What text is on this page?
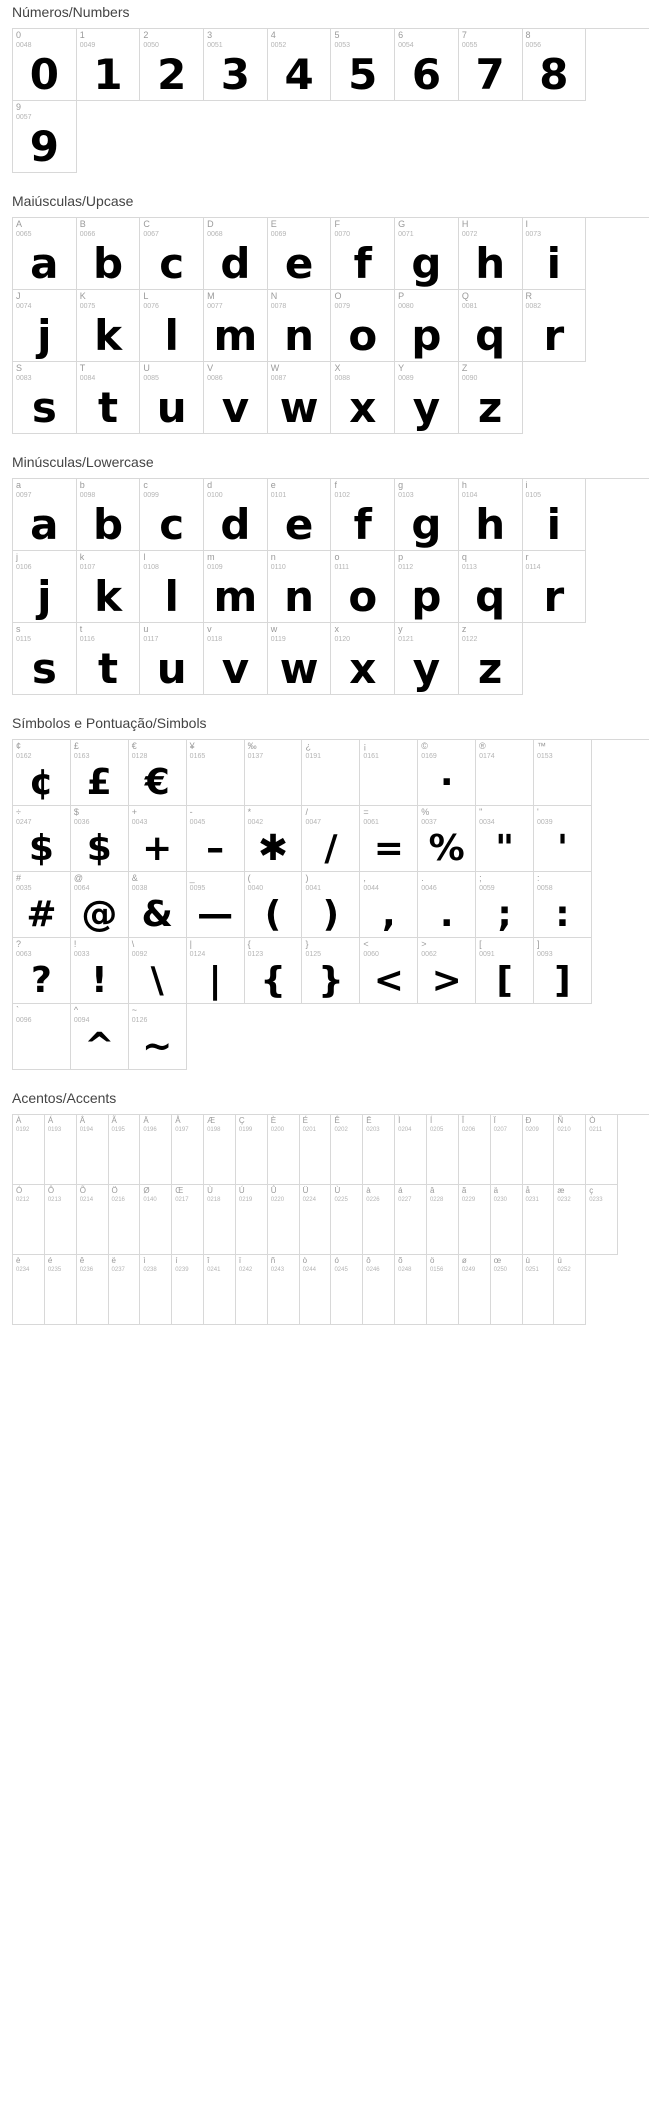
Números/Numbers
0
0048
0
1
0049
1
2
0050
2
3
0051
3
4
0052
4
5
0053
5
6
0054
6
7
0055
7
8
0056
8
9
0057
9
Maiúsculas/Upcase
A
0065
a
B
0066
b
C
0067
c
D
0068
d
E
0069
e
F
0070
f
G
0071
g
H
0072
h
I
0073
i
J
0074
j
K
0075
k
L
0076
l
M
0077
m
N
0078
n
O
0079
o
P
0080
p
Q
0081
q
R
0082
r
S
0083
s
T
0084
t
U
0085
u
V
0086
v
W
0087
w
X
0088
x
Y
0089
y
Z
0090
z
Minúsculas/Lowercase
a
0097
a
b
0098
b
c
0099
c
d
0100
d
e
0101
e
f
0102
f
g
0103
g
h
0104
h
i
0105
i
j
0106
j
k
0107
k
l
0108
l
m
0109
m
n
0110
n
o
0111
o
p
0112
p
q
0113
q
r
0114
r
s
0115
s
t
0116
t
u
0117
u
v
0118
v
w
0119
w
x
0120
x
y
0121
y
z
0122
z
Símbolos e Pontuação/Simbols
¢
0162
¢
£
0163
£
€
0128
€
¥
0165
‰
0137
¿
0191
¡
0161
©
0169
·
®
0174
™
0153
÷
0247
$
$
0036
$
+
0043
+
-
0045
–
*
0042
✱
/
0047
/
=
0061
=
%
0037
%
"
0034
"
'
0039
'
#
0035
#
@
0064
@
&
0038
&
_
0095
—
(
0040
(
)
0041
)
,
0044
,
.
0046
.
;
0059
;
:
0058
:
?
0063
?
!
0033
!
\
0092
\
|
0124
|
{
0123
{
}
0125
}
<
0060
<
>
0062
>
[
0091
[
]
0093
]
`
0096
^
0094
^
~
0126
~
Acentos/Accents
À
0192
Á
0193
Â
0194
Ã
0195
Ä
0196
Å
0197
Æ
0198
Ç
0199
È
0200
É
0201
Ê
0202
Ë
0203
Ì
0204
Í
0205
Î
0206
Ï
0207
Ð
0209
Ñ
0210
Ò
0211
Ó
0212
Ô
0213
Õ
0214
Ö
0216
Ø
0140
Œ
0217
Ù
0218
Ú
0219
Û
0220
Ü
0224
Ù
0225
à
0226
á
0227
â
0228
ã
0229
ä
0230
å
0231
æ
0232
ç
0233
è
0234
é
0235
ê
0236
ë
0237
ì
0238
í
0239
î
0241
ï
0242
ñ
0243
ò
0244
ó
0245
ô
0246
õ
0248
ö
0156
ø
0249
œ
0250
ù
0251
ú
0252
